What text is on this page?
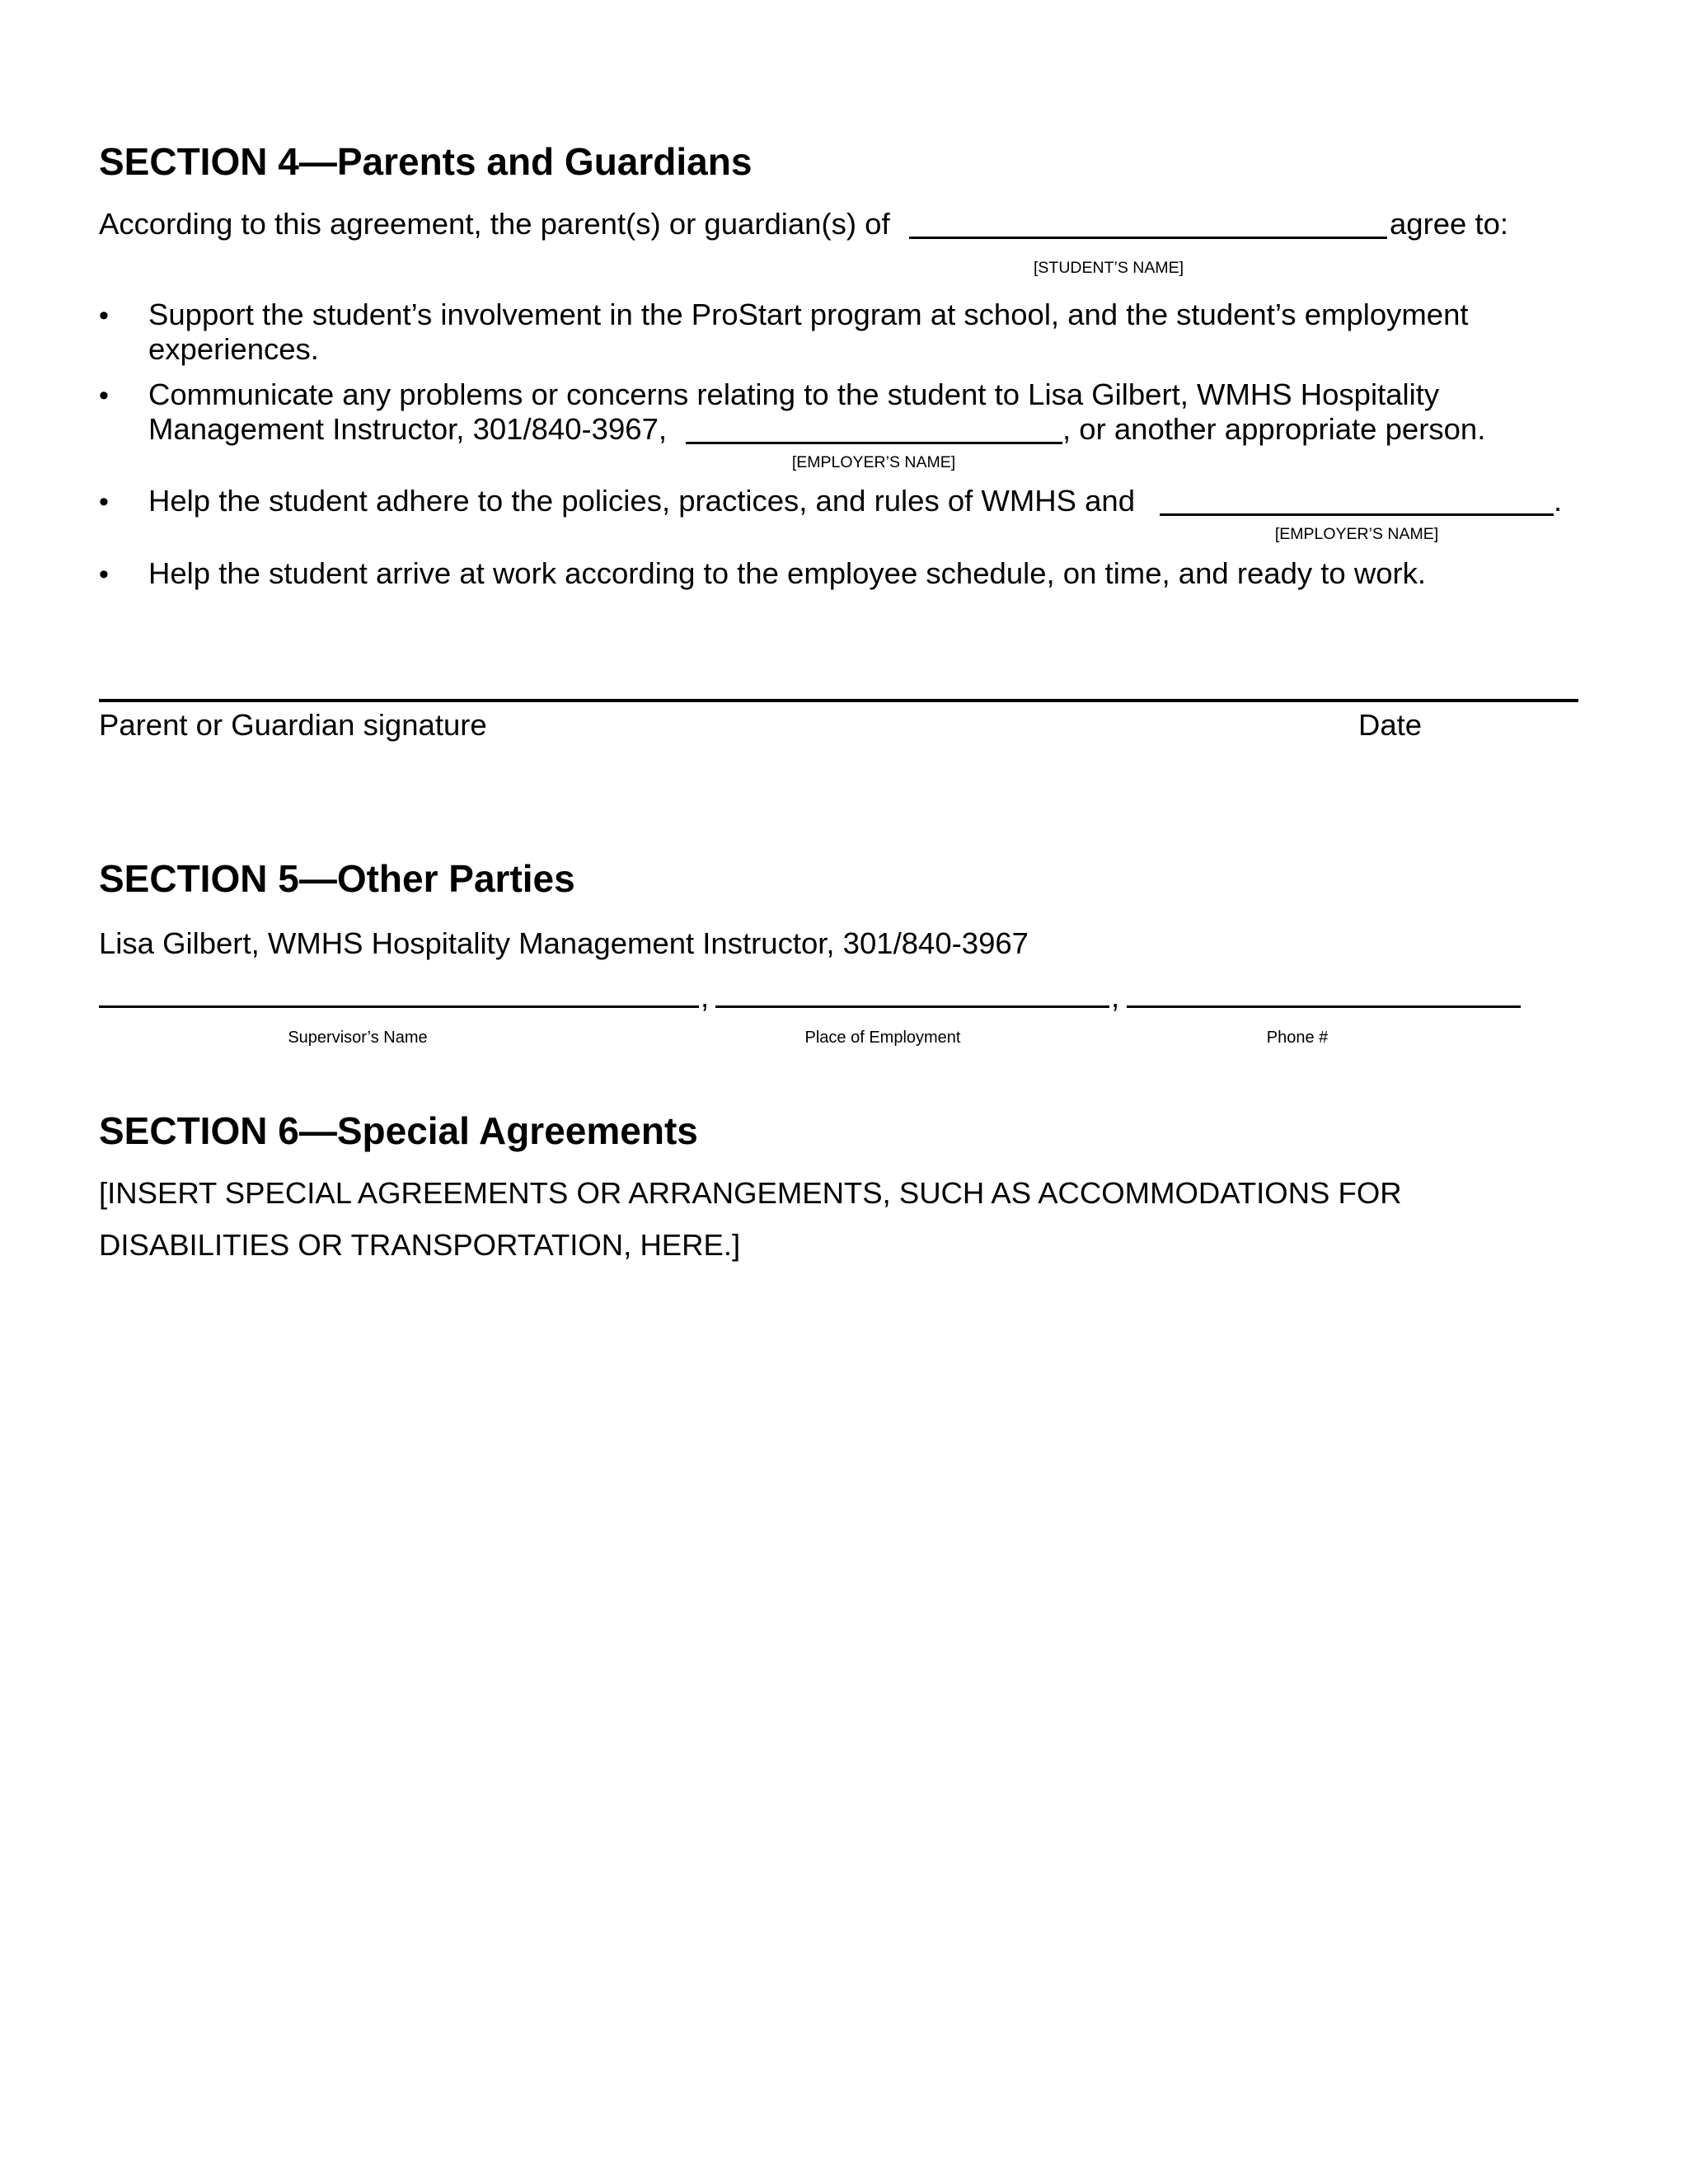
SECTION 4—Parents and Guardians
According to this agreement, the parent(s) or guardian(s) of	agree to:
[STUDENT’S NAME]
• Support the student’s involvement in the ProStart program at school, and the student’s employment
experiences.
• Communicate any problems or concerns relating to the student to Lisa Gilbert, WMHS Hospitality
Management Instructor, 301/840-3967,	, or another appropriate person.
[EMPLOYER’S NAME]
• Help the student adhere to the policies, practices, and rules of WMHS and	.
[EMPLOYER’S NAME]
• Help the student arrive at work according to the employee schedule, on time, and ready to work.
Parent or Guardian signature	Date
SECTION 5—Other Parties
Lisa Gilbert, WMHS Hospitality Management Instructor, 301/840-3967
,	,
Supervisor’s Name	Place of Employment	Phone #
SECTION 6—Special Agreements
[INSERT SPECIAL AGREEMENTS OR ARRANGEMENTS, SUCH AS ACCOMMODATIONS FOR
DISABILITIES OR TRANSPORTATION, HERE.]
